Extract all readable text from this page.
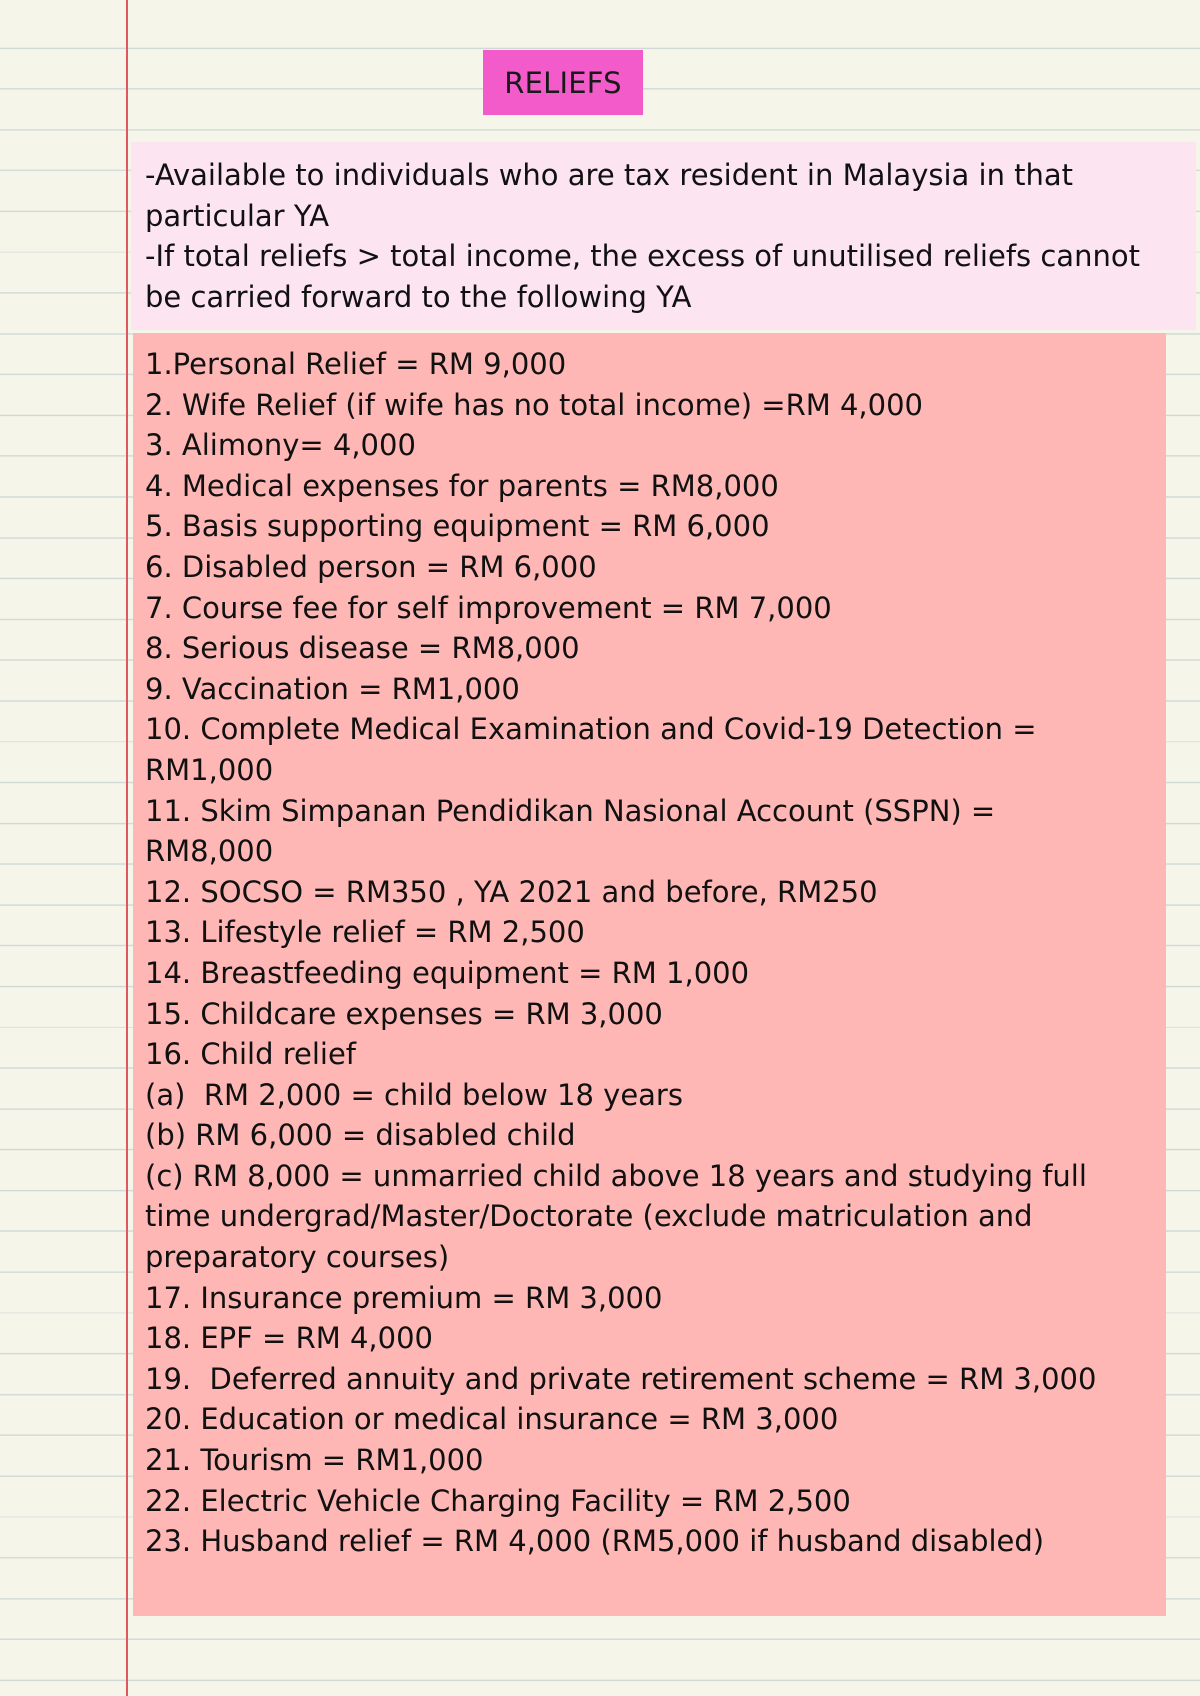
RELIEFS
-Available to individuals who are tax resident in Malaysia in that
particular YA
-If total reliefs > total income, the excess of unutilised reliefs cannot
be carried forward to the following YA
1.Personal Relief = RM 9,000
2. Wife Relief (if wife has no total income) =RM 4,000
3. Alimony= 4,000
4. Medical expenses for parents = RM8,000
5. Basis supporting equipment = RM 6,000
6. Disabled person = RM 6,000
7. Course fee for self improvement = RM 7,000
8. Serious disease = RM8,000
9. Vaccination = RM1,000
10. Complete Medical Examination and Covid-19 Detection =
RM1,000
11. Skim Simpanan Pendidikan Nasional Account (SSPN) =
RM8,000
12. SOCSO = RM350 , YA 2021 and before, RM250
13. Lifestyle relief = RM 2,500
14. Breastfeeding equipment = RM 1,000
15. Childcare expenses = RM 3,000
16. Child relief
(a)  RM 2,000 = child below 18 years
(b) RM 6,000 = disabled child
(c) RM 8,000 = unmarried child above 18 years and studying full
time undergrad/Master/Doctorate (exclude matriculation and
preparatory courses)
17. Insurance premium = RM 3,000
18. EPF = RM 4,000
19.  Deferred annuity and private retirement scheme = RM 3,000
20. Education or medical insurance = RM 3,000
21. Tourism = RM1,000
22. Electric Vehicle Charging Facility = RM 2,500
23. Husband relief = RM 4,000 (RM5,000 if husband disabled)
